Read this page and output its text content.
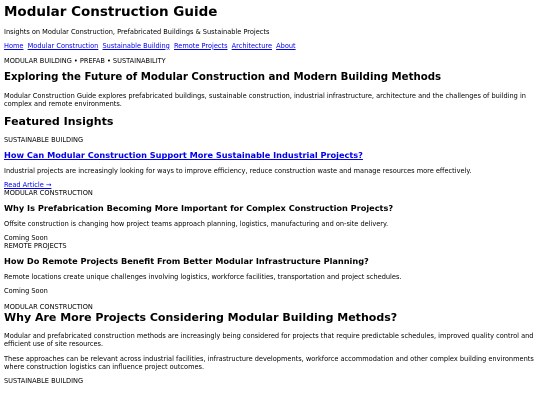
Modular Construction Guide

Insights on Modular Construction, Prefabricated Buildings & Sustainable Projects

Home Modular Construction Sustainable Building Remote Projects Architecture About

MODULAR BUILDING • PREFAB • SUSTAINABILITY

Exploring the Future of Modular Construction and Modern Building Methods

Modular Construction Guide explores prefabricated buildings, sustainable construction, industrial infrastructure, architecture and the challenges of building in complex and remote environments.

Featured Insights

SUSTAINABLE BUILDING

How Can Modular Construction Support More Sustainable Industrial Projects?

Industrial projects are increasingly looking for ways to improve efficiency, reduce construction waste and manage resources more effectively.

Read Article →

MODULAR CONSTRUCTION

Why Is Prefabrication Becoming More Important for Complex Construction Projects?

Offsite construction is changing how project teams approach planning, logistics, manufacturing and on-site delivery.

Coming Soon

REMOTE PROJECTS

How Do Remote Projects Benefit From Better Modular Infrastructure Planning?

Remote locations create unique challenges involving logistics, workforce facilities, transportation and project schedules.

Coming Soon

MODULAR CONSTRUCTION

Why Are More Projects Considering Modular Building Methods?

Modular and prefabricated construction methods are increasingly being considered for projects that require predictable schedules, improved quality control and efficient use of site resources.

These approaches can be relevant across industrial facilities, infrastructure developments, workforce accommodation and other complex building environments where construction logistics can influence project outcomes.

SUSTAINABLE BUILDING
